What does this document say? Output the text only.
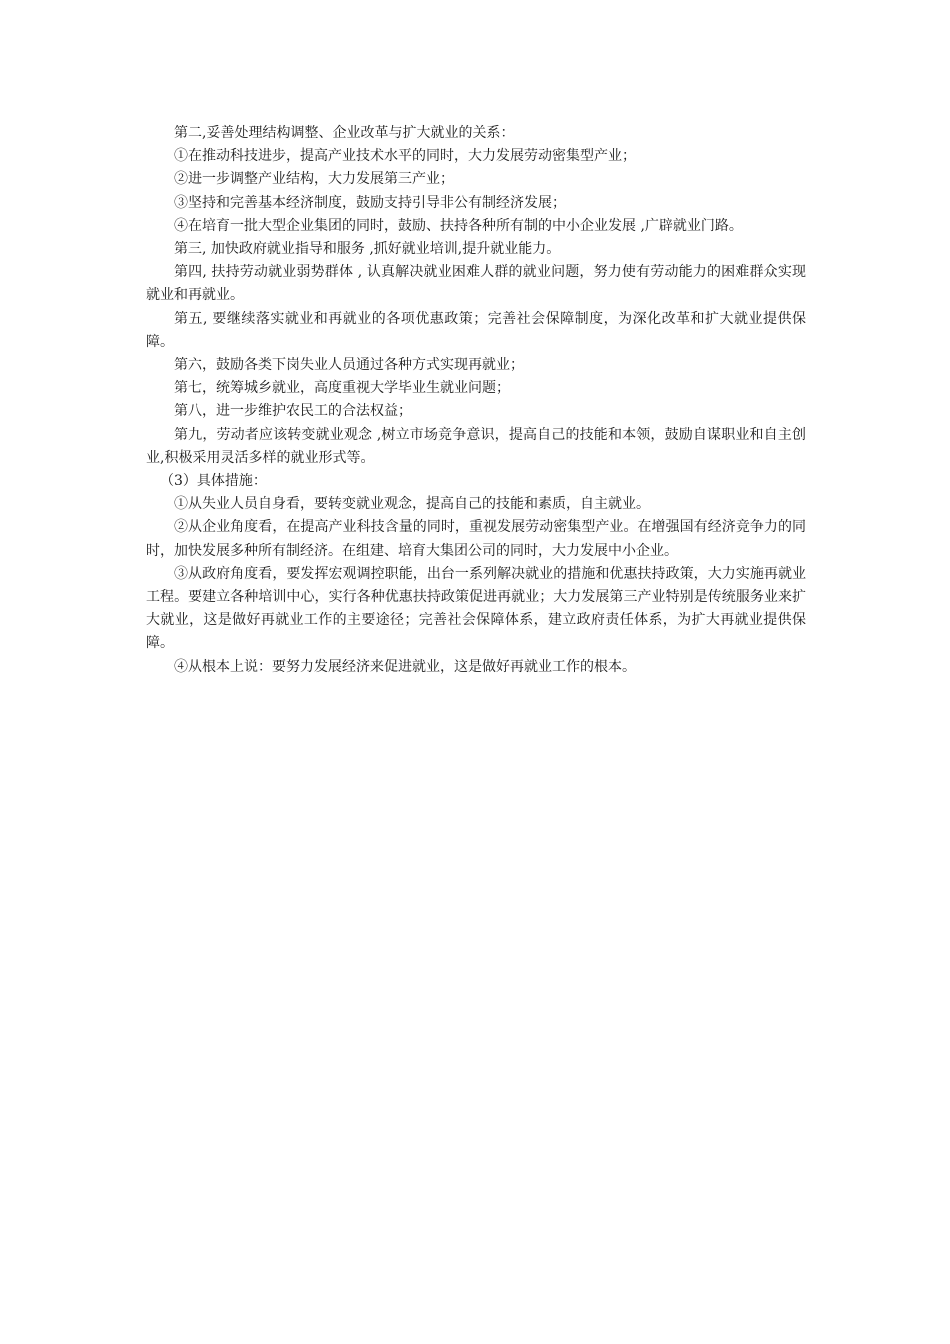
第二,妥善处理结构调整、企业改革与扩大就业的关系：

①在推动科技进步，提高产业技术水平的同时，大力发展劳动密集型产业；

②进一步调整产业结构，大力发展第三产业；

③坚持和完善基本经济制度，鼓励支持引导非公有制经济发展；

④在培育一批大型企业集团的同时，鼓励、扶持各种所有制的中小企业发展 ,广辟就业门路。

第三, 加快政府就业指导和服务 ,抓好就业培训,提升就业能力。

第四, 扶持劳动就业弱势群体 , 认真解决就业困难人群的就业问题，努力使有劳动能力的困难群众实现就业和再就业。

第五, 要继续落实就业和再就业的各项优惠政策；完善社会保障制度，为深化改革和扩大就业提供保障。

第六，鼓励各类下岗失业人员通过各种方式实现再就业；

第七，统筹城乡就业，高度重视大学毕业生就业问题；

第八，进一步维护农民工的合法权益；

第九，劳动者应该转变就业观念 ,树立市场竞争意识，提高自己的技能和本领，鼓励自谋职业和自主创业,积极采用灵活多样的就业形式等。

（3）具体措施：

①从失业人员自身看，要转变就业观念，提高自己的技能和素质，自主就业。

②从企业角度看，在提高产业科技含量的同时，重视发展劳动密集型产业。在增强国有经济竞争力的同时，加快发展多种所有制经济。在组建、培育大集团公司的同时，大力发展中小企业。

③从政府角度看，要发挥宏观调控职能，出台一系列解决就业的措施和优惠扶持政策，大力实施再就业工程。要建立各种培训中心，实行各种优惠扶持政策促进再就业；大力发展第三产业特别是传统服务业来扩大就业，这是做好再就业工作的主要途径；完善社会保障体系，建立政府责任体系，为扩大再就业提供保障。

④从根本上说：要努力发展经济来促进就业，这是做好再就业工作的根本。
